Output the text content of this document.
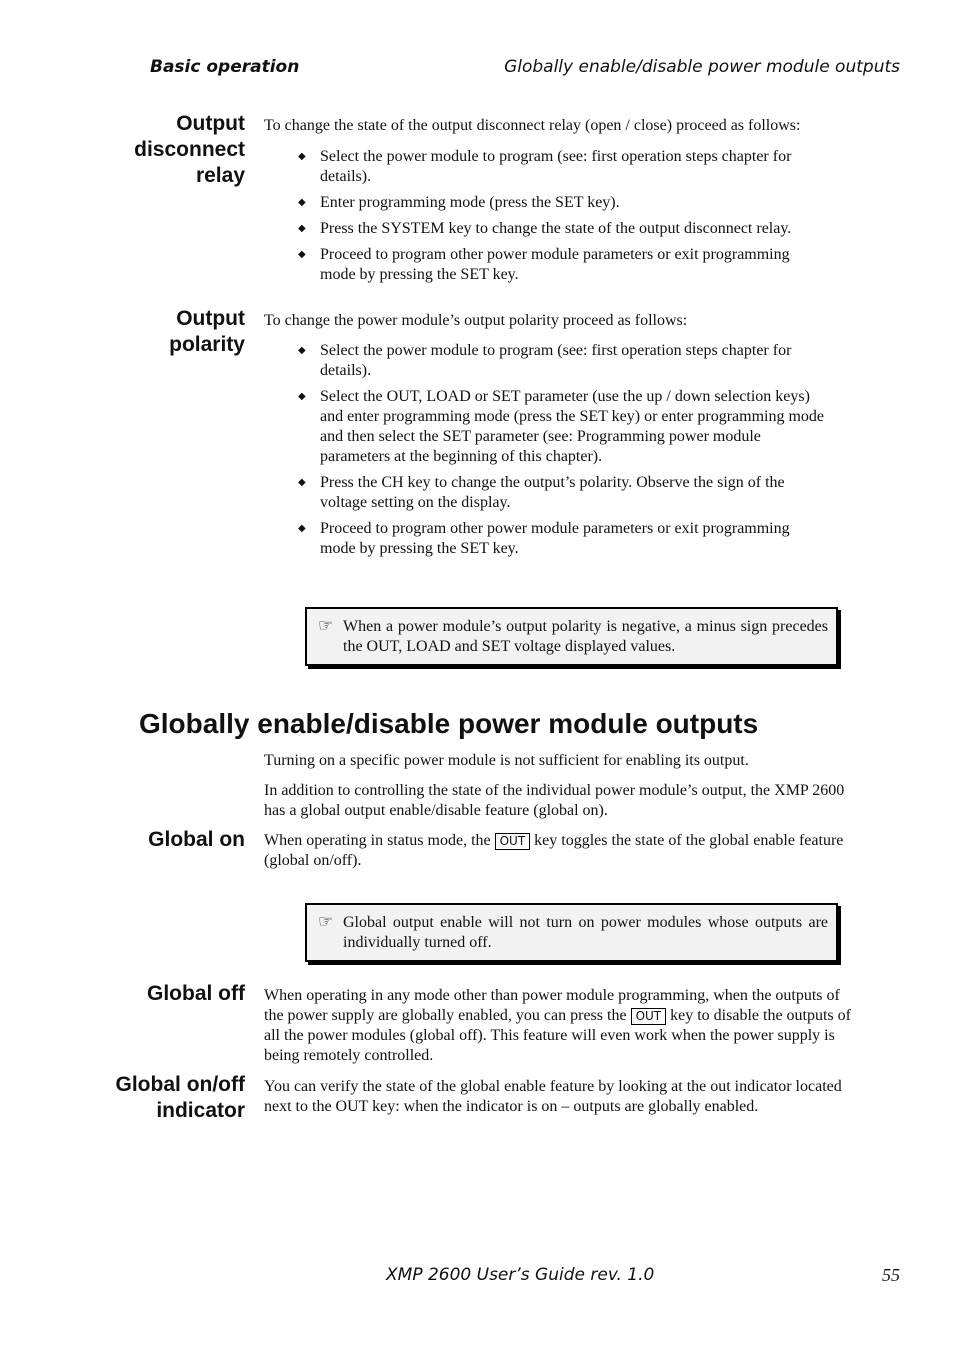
Basic operation	Globally enable/disable power module outputs
Output
disconnect
relay

To change the state of the output disconnect relay (open / close) proceed as follows:

◆ Select the power module to program (see: first operation steps chapter for details).
◆ Enter programming mode (press the SET key).
◆ Press the SYSTEM key to change the state of the output disconnect relay.
◆ Proceed to program other power module parameters or exit programming mode by pressing the SET key.
Output
polarity

To change the power module’s output polarity proceed as follows:

◆ Select the power module to program (see: first operation steps chapter for details).
◆ Select the OUT, LOAD or SET parameter (use the up / down selection keys) and enter programming mode (press the SET key) or enter programming mode and then select the SET parameter (see: Programming power module parameters at the beginning of this chapter).
◆ Press the CH key to change the output’s polarity. Observe the sign of the voltage setting on the display.
◆ Proceed to program other power module parameters or exit programming mode by pressing the SET key.
☞ When a power module’s output polarity is negative, a minus sign precedes the OUT, LOAD and SET voltage displayed values.
Globally enable/disable power module outputs

Turning on a specific power module is not sufficient for enabling its output.

In addition to controlling the state of the individual power module’s output, the XMP 2600 has a global output enable/disable feature (global on).

Global on When operating in status mode, the OUT key toggles the state of the global enable feature (global on/off).

☞ Global output enable will not turn on power modules whose outputs are individually turned off.
Global off When operating in any mode other than power module programming, when the outputs of the power supply are globally enabled, you can press the OUT key to disable the outputs of all the power modules (global off). This feature will even work when the power supply is being remotely controlled.

Global on/off
indicator

You can verify the state of the global enable feature by looking at the out indicator located next to the OUT key: when the indicator is on – outputs are globally enabled.

XMP 2600 User’s Guide rev. 1.0	55
